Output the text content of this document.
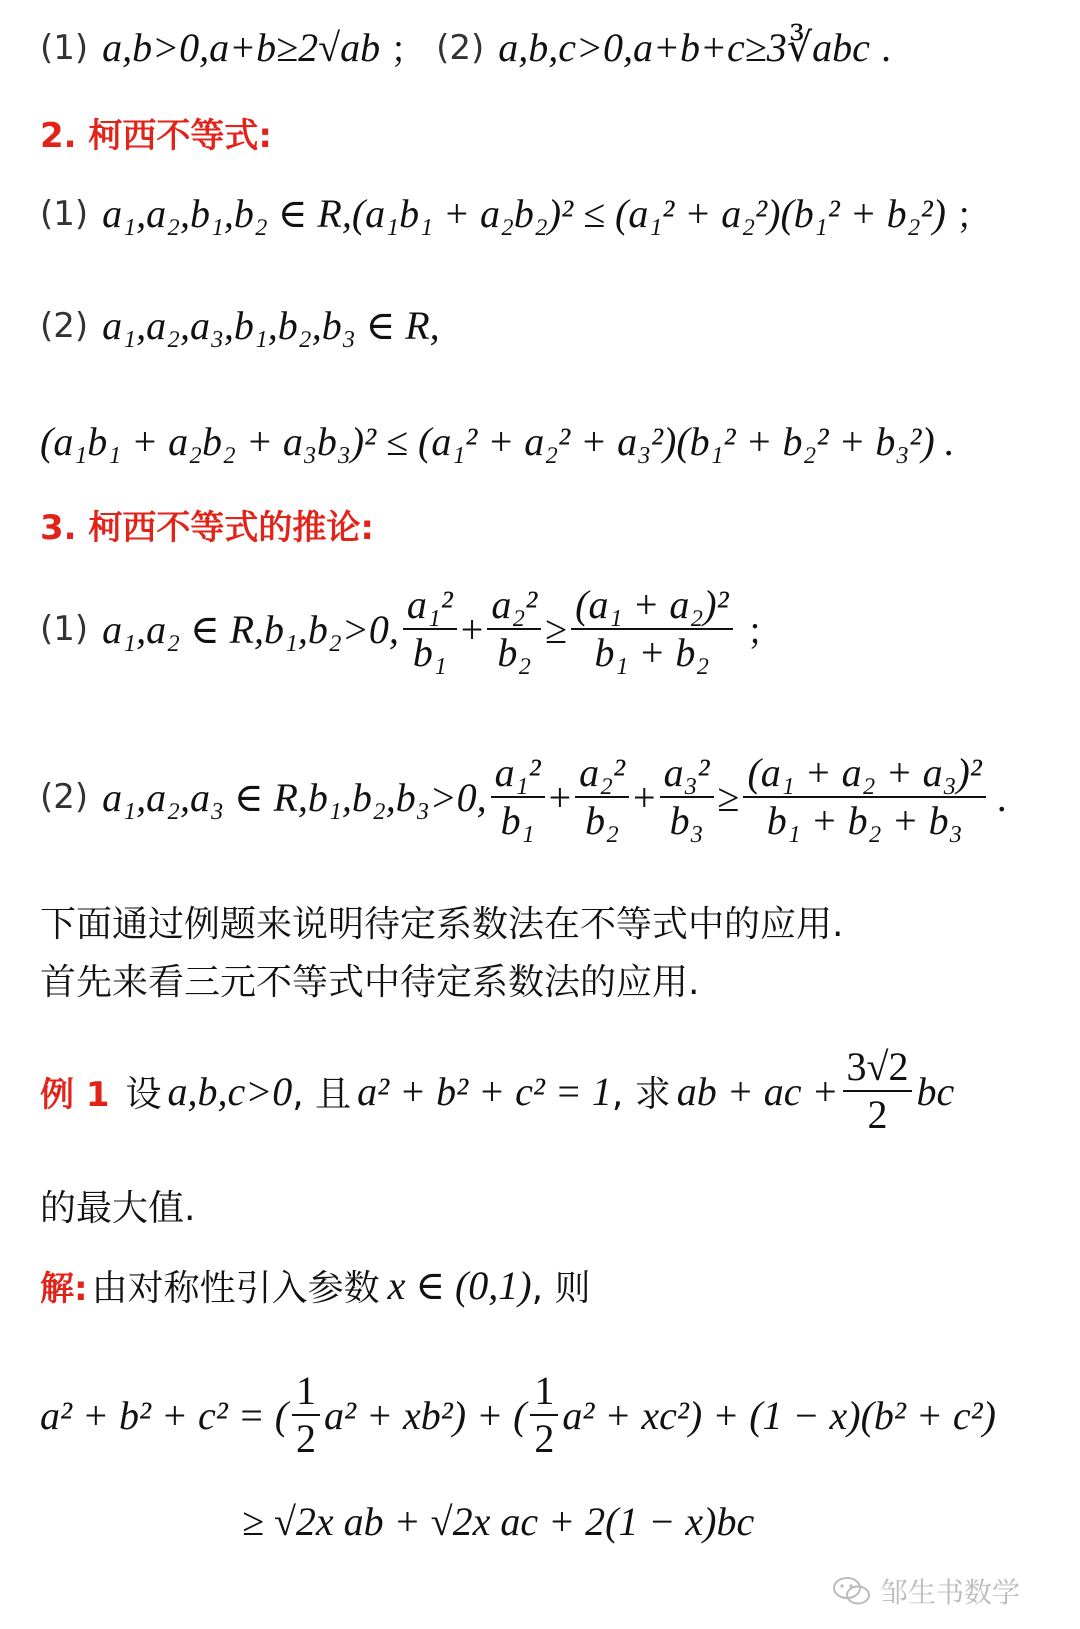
(1) a,b>0,a+b≥2√ab ； (2) a,b,c>0,a+b+c≥3∛abc .
2. 柯西不等式:
(1) a₁,a₂,b₁,b₂ ∈ R,(a₁b₁ + a₂b₂)² ≤ (a₁² + a₂²)(b₁² + b₂²) ；
(2) a₁,a₂,a₃,b₁,b₂,b₃ ∈ R,
(a₁b₁ + a₂b₂ + a₃b₃)² ≤ (a₁² + a₂² + a₃²)(b₁² + b₂² + b₃²) .
3. 柯西不等式的推论:
(1) a₁,a₂ ∈ R,b₁,b₂>0, $\frac{\text{a₁²}}{\text{b₁}} + \frac{\text{a₂²}}{\text{b₂}} \ge \frac{\text{(a₁ + a₂)²}}{\text{b₁ + b₂}}$ ；
(2) a₁,a₂,a₃ ∈ R,b₁,b₂,b₃>0, $\frac{\text{a₁²}}{\text{b₁}} + \frac{\text{a₂²}}{\text{b₂}} + \frac{\text{a₃²}}{\text{b₃}} \ge \frac{\text{(a₁ + a₂ + a₃)²}}{\text{b₁ + b₂ + b₃}}$ .
下面通过例题来说明待定系数法在不等式中的应用.
首先来看三元不等式中待定系数法的应用.
例 1 设 a,b,c>0 , 且 a² + b² + c² = 1 , 求 ab + ac + $\frac{3√2}{2}$ bc
的最大值.
解: 由对称性引入参数 x ∈ (0,1) , 则
a² + b² + c² = ( $\frac{1}{2} a^2 + xb^2$) + ( $\frac{1}{2} a^2 + xc^2) + (1 - x)(b^2 + c^2)$
≥ √2x ab + √2x ac + 2(1 − x)bc
邹生书数学
